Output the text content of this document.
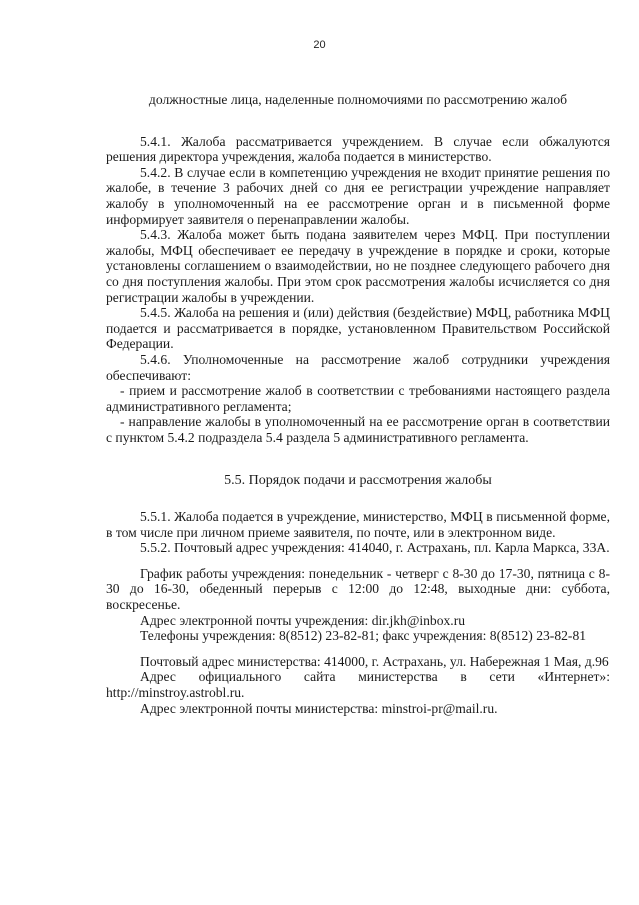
20

должностные лица, наделенные полномочиями по рассмотрению жалоб

5.4.1. Жалоба рассматривается учреждением. В случае если обжалуются решения директора учреждения, жалоба подается в министерство.

5.4.2. В случае если в компетенцию учреждения не входит принятие решения по жалобе, в течение 3 рабочих дней со дня ее регистрации учреждение направляет жалобу в уполномоченный на ее рассмотрение орган и в письменной форме информирует заявителя о перенаправлении жалобы.

5.4.3. Жалоба может быть подана заявителем через МФЦ. При поступлении жалобы, МФЦ обеспечивает ее передачу в учреждение в порядке и сроки, которые установлены соглашением о взаимодействии, но не позднее следующего рабочего дня со дня поступления жалобы. При этом срок рассмотрения жалобы исчисляется со дня регистрации жалобы в учреждении.

5.4.5. Жалоба на решения и (или) действия (бездействие) МФЦ, работника МФЦ подается и рассматривается в порядке, установленном Правительством Российской Федерации.

5.4.6. Уполномоченные на рассмотрение жалоб сотрудники учреждения обеспечивают:

- прием и рассмотрение жалоб в соответствии с требованиями настоящего раздела административного регламента;

- направление жалобы в уполномоченный на ее рассмотрение орган в соответствии с пунктом 5.4.2 подраздела 5.4 раздела 5 административного регламента.

5.5. Порядок подачи и рассмотрения жалобы

5.5.1. Жалоба подается в учреждение, министерство, МФЦ в письменной форме, в том числе при личном приеме заявителя, по почте, или в электронном виде.

5.5.2. Почтовый адрес учреждения: 414040, г. Астрахань, пл. Карла Маркса, 33А.

График работы учреждения: понедельник - четверг с 8-30 до 17-30, пятница с 8-30 до 16-30, обеденный перерыв с 12:00 до 12:48, выходные дни: суббота, воскресенье.

Адрес электронной почты учреждения: dir.jkh@inbox.ru

Телефоны учреждения: 8(8512) 23-82-81; факс учреждения: 8(8512) 23-82-81

Почтовый адрес министерства: 414000, г. Астрахань, ул. Набережная 1 Мая, д.96

Адрес официального сайта министерства в сети «Интернет»: http://minstroy.astrobl.ru.

Адрес электронной почты министерства: minstroi-pr@mail.ru.
